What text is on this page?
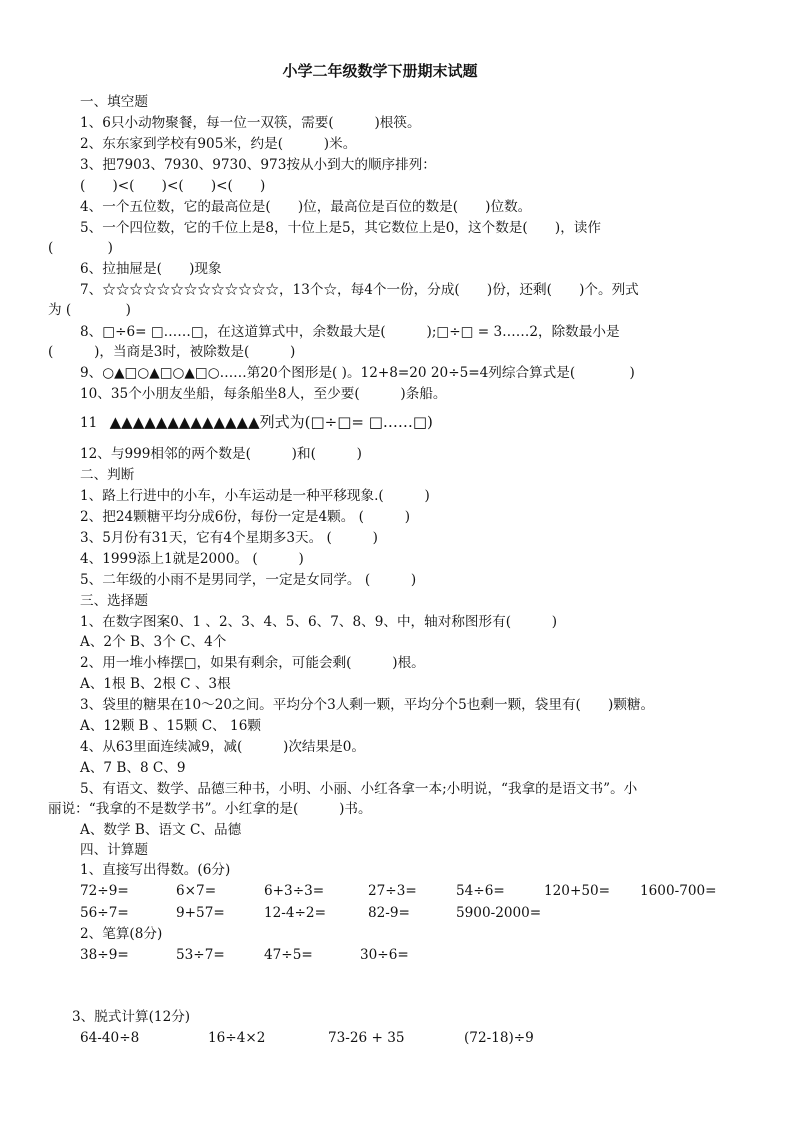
小学二年级数学下册期末试题
一、填空题
1、6只小动物聚餐，每一位一双筷，需要(　　　)根筷。
2、东东家到学校有905米，约是(　　　)米。
3、把7903、7930、9730、973按从小到大的顺序排列：
(　　)<(　　)<(　　)<(　　)
4、一个五位数，它的最高位是(　　)位，最高位是百位的数是(　　)位数。
5、一个四位数，它的千位上是8，十位上是5，其它数位上是0，这个数是(　　)，读作
(　　　　)
6、拉抽屉是(　　)现象
7、☆☆☆☆☆☆☆☆☆☆☆☆☆，13个☆，每4个一份，分成(　　)份，还剩(　　)个。列式
为 (　　　　)
8、□÷6= □……□，在这道算式中，余数最大是(　　　);□÷□ = 3……2，除数最小是
(　　　)，当商是3时，被除数是(　　　)
9、○▲□○▲□○▲□○……第20个图形是( )。12+8=20 20÷5=4列综合算式是(　　　　)
10、35个小朋友坐船，每条船坐8人，至少要(　　　)条船。
11 ▲▲▲▲▲▲▲▲▲▲▲▲▲列式为(□÷□= □……□)
12、与999相邻的两个数是(　　　)和(　　　)
二、判断
1、路上行进中的小车，小车运动是一种平移现象.(　　　)
2、把24颗糖平均分成6份，每份一定是4颗。 (　　　)
3、5月份有31天，它有4个星期多3天。 (　　　)
4、1999添上1就是2000。 (　　　)
5、二年级的小雨不是男同学，一定是女同学。 (　　　)
三、选择题
1、在数字图案0、1 、2、3、4、5、6、7、8、9、中，轴对称图形有(　　　)
A、2个 B、3个 C、4个
2、用一堆小棒摆□，如果有剩余，可能会剩(　　　)根。
A、1根 B、2根 C 、3根
3、袋里的糖果在10～20之间。平均分个3人剩一颗，平均分个5也剩一颗，袋里有(　　)颗糖。
A、12颗 B 、15颗 C、 16颗
4、从63里面连续减9，减(　　　)次结果是0。
A、7 B、8 C、9
5、有语文、数学、品德三种书，小明、小丽、小红各拿一本;小明说，“我拿的是语文书”。小
丽说：“我拿的不是数学书”。小红拿的是(　　　)书。
A、数学 B、语文 C、品德
四、计算题
1、直接写出得数。(6分)
72÷9=	6×7=	6+3÷3=	27÷3=	54÷6=	120+50= 1600-700=
56÷7=	9+57=	12-4÷2=	82-9=	5900-2000=
2、笔算(8分)
38÷9=	53÷7=	47÷5=	30÷6=
3、脱式计算(12分)
64-40÷8	16÷4×2	73-26 + 35	(72-18)÷9
